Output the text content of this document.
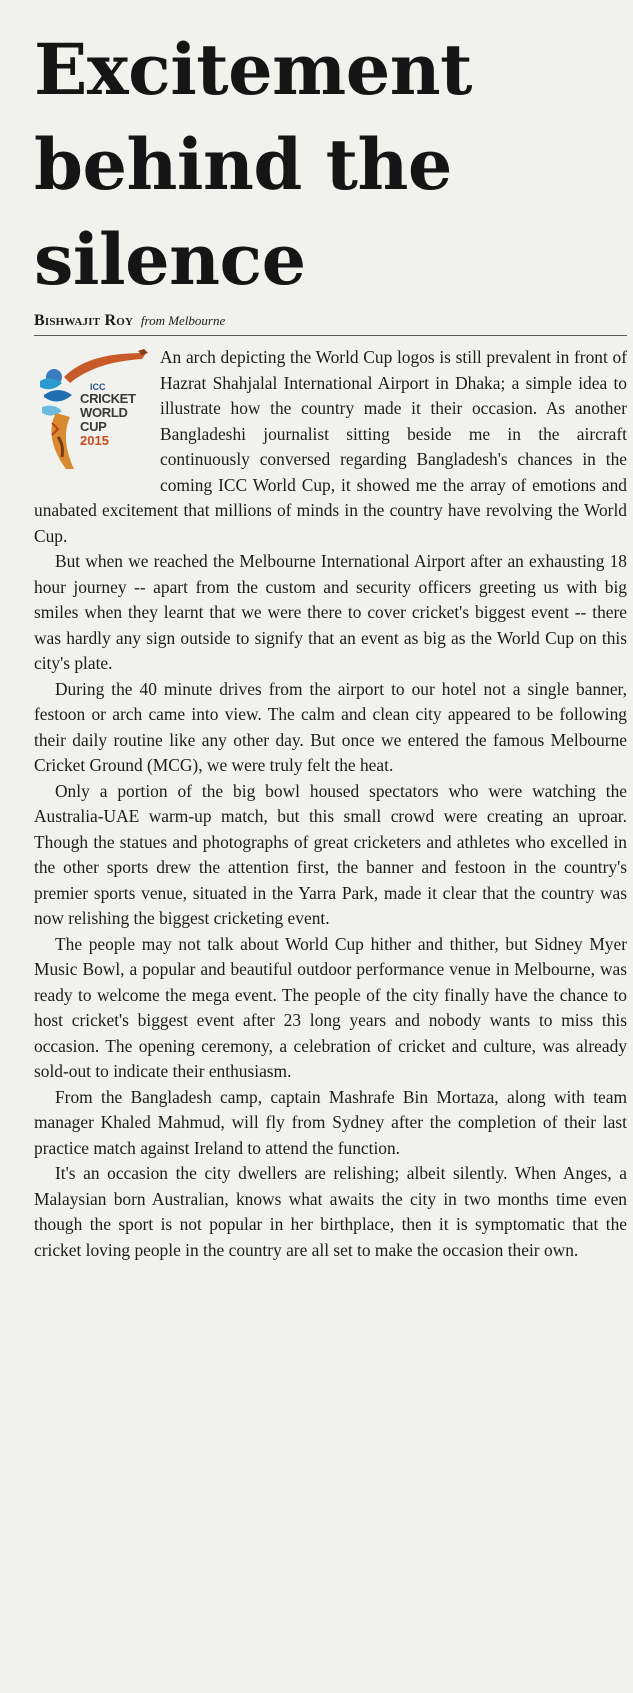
Excitement
behind the
silence
Bishwajit Roy from Melbourne
ICC
CRICKET
WORLD
CUP
2015

An arch depicting the World Cup logos is still prevalent in front of Hazrat Shahjalal International Airport in Dhaka; a simple idea to illustrate how the country made it their occasion. As another Bangladeshi journalist sitting beside me in the aircraft continuously conversed regarding Bangladesh's chances in the coming ICC World Cup, it showed me the array of emotions and unabated excitement that millions of minds in the country have revolving the World Cup.

But when we reached the Melbourne International Airport after an exhausting 18 hour journey -- apart from the custom and security officers greeting us with big smiles when they learnt that we were there to cover cricket's biggest event -- there was hardly any sign outside to signify that an event as big as the World Cup on this city's plate.

During the 40 minute drives from the airport to our hotel not a single banner, festoon or arch came into view. The calm and clean city appeared to be following their daily routine like any other day. But once we entered the famous Melbourne Cricket Ground (MCG), we were truly felt the heat.

Only a portion of the big bowl housed spectators who were watching the Australia-UAE warm-up match, but this small crowd were creating an uproar. Though the statues and photographs of great cricketers and athletes who excelled in the other sports drew the attention first, the banner and festoon in the country's premier sports venue, situated in the Yarra Park, made it clear that the country was now relishing the biggest cricketing event.

The people may not talk about World Cup hither and thither, but Sidney Myer Music Bowl, a popular and beautiful outdoor performance venue in Melbourne, was ready to welcome the mega event. The people of the city finally have the chance to host cricket's biggest event after 23 long years and nobody wants to miss this occasion. The opening ceremony, a celebration of cricket and culture, was already sold-out to indicate their enthusiasm.

From the Bangladesh camp, captain Mashrafe Bin Mortaza, along with team manager Khaled Mahmud, will fly from Sydney after the completion of their last practice match against Ireland to attend the function.

It's an occasion the city dwellers are relishing; albeit silently. When Anges, a Malaysian born Australian, knows what awaits the city in two months time even though the sport is not popular in her birthplace, then it is symptomatic that the cricket loving people in the country are all set to make the occasion their own.
